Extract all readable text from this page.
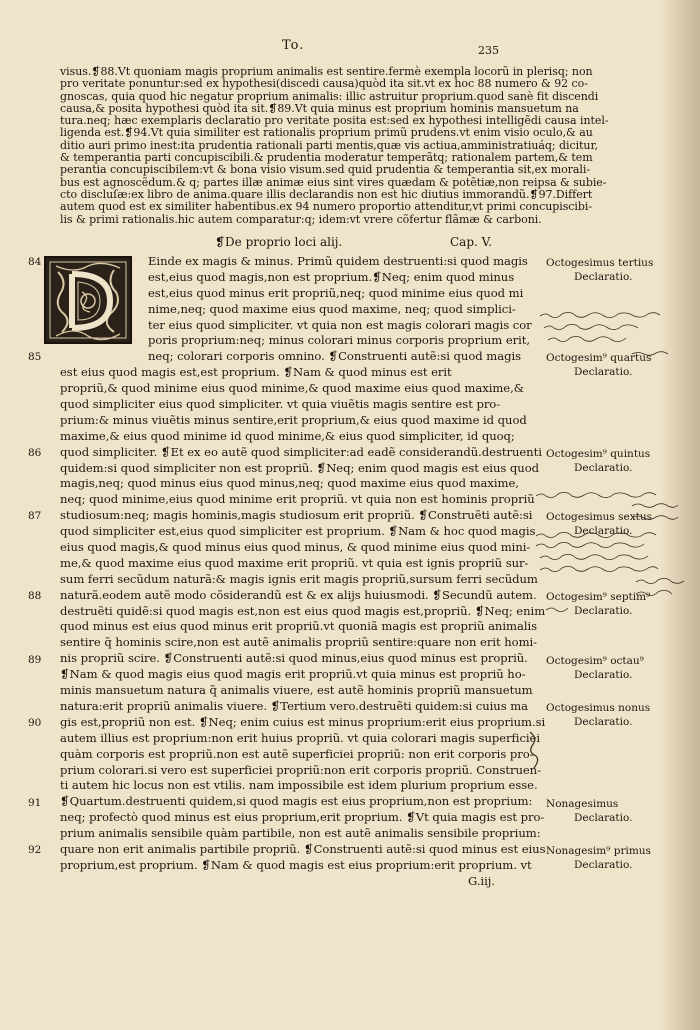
To.	235
visus.❡88.Vt quoniam magis proprium animalis est sentire.fermè exempla locorũ in plerisq; non
pro veritate ponuntur:sed ex hypothesi(discedi causa)quòd ita sit.vt ex hoc 88 numero & 92 co-
gnoscas, quia quod hic negatur proprium animalis: illic astruitur proprium.quod sanè fit discendi
causa,& posita hypothesi quòd ita sit.❡89.Vt quia minus est proprium hominis mansuetum na
tura.neq; hæc exemplaris declaratio pro veritate posita est:sed ex hypothesi intelligẽdi causa intel-
ligenda est.❡94.Vt quia similiter est rationalis proprium primũ prudens.vt enim visio oculo,& au
ditio auri primo inest:ita prudentia rationali parti mentis,quæ vis actiua,amministratiuáq; dicitur,
& temperantia parti concupiscibili.& prudentia moderatur temperãtq; rationalem partem,& tem
perantia concupiscibilem:vt & bona visio visum.sed quid prudentia & temperantia sit,ex morali-
bus est agnoscẽdum.& q; partes illæ animæ eius sint vires quædam & potẽtiæ,non reipsa & subie-
cto discluſæ:ex libro de anima.quare illis declarandis non est hic diutius immorandũ.❡97.Differt
autem quod est ex similiter habentibus.ex 94 numero proportio attenditur,vt primi concupiscibi-
lis & primi rationalis.hic autem comparatur:q; idem:vt vrere cõfertur flãmæ & carboni.
❡De proprio loci alij.	Cap. V.
Einde ex magis & minus. Primũ quidem destruenti:si quod magis
est,eius quod magis,non est proprium.❡Neq; enim quod minus
est,eius quod minus erit propriũ,neq; quod minime eius quod mi
nime,neq; quod maxime eius quod maxime, neq; quod simplici-
ter eius quod simpliciter. vt quia non est magis colorari magis cor
poris proprium:neq; minus colorari minus corporis proprium erit,
neq; colorari corporis omnino. ❡Construenti autẽ:si quod magis
est eius quod magis est,est proprium. ❡Nam & quod minus est erit
propriũ,& quod minime eius quod minime,& quod maxime eius quod maxime,&
quod simpliciter eius quod simpliciter. vt quia viuẽtis magis sentire est pro-
prium:& minus viuẽtis minus sentire,erit proprium,& eius quod maxime id quod
maxime,& eius quod minime id quod minime,& eius quod simpliciter, id quoq;
quod simpliciter. ❡Et ex eo autẽ quod simpliciter:ad eadẽ considerandũ.destruenti
quidem:si quod simpliciter non est propriũ. ❡Neq; enim quod magis est eius quod
magis,neq; quod minus eius quod minus,neq; quod maxime eius quod maxime,
neq; quod minime,eius quod minime erit propriũ. vt quia non est hominis propriũ
studiosum:neq; magis hominis,magis studiosum erit propriũ. ❡Construẽti autẽ:si
quod simpliciter est,eius quod simpliciter est proprium. ❡Nam & hoc quod magis
eius quod magis,& quod minus eius quod minus, & quod minime eius quod mini-
me,& quod maxime eius quod maxime erit propriũ. vt quia est ignis propriũ sur-
sum ferri secũdum naturã:& magis ignis erit magis propriũ,sursum ferri secũdum
naturã.eodem autẽ modo cõsiderandũ est & ex alijs huiusmodi. ❡Secundũ autem.
destruẽti quidẽ:si quod magis est,non est eius quod magis est,propriũ. ❡Neq; enim
quod minus est eius quod minus erit propriũ.vt quoniã magis est propriũ animalis
sentire q̃ hominis scire,non est autẽ animalis propriũ sentire:quare non erit homi-
nis propriũ scire. ❡Construenti autẽ:si quod minus,eius quod minus est propriũ.
❡Nam & quod magis eius quod magis erit propriũ.vt quia minus est propriũ ho-
minis mansuetum natura q̃ animalis viuere, est autẽ hominis propriũ mansuetum
natura:erit propriũ animalis viuere. ❡Tertium vero.destruẽti quidem:si cuius ma
gis est,propriũ non est. ❡Neq; enim cuius est minus proprium:erit eius proprium.si
autem illius est proprium:non erit huius propriũ. vt quia colorari magis superficiei
quàm corporis est propriũ.non est autẽ superficiei propriũ: non erit corporis pro-
prium colorari.si vero est superficiei propriũ:non erit corporis propriũ. Construen-
ti autem hic locus non est vtilis. nam impossibile est idem plurium proprium esse.
❡Quartum.destruenti quidem,si quod magis est eius proprium,non est proprium:
neq; profectò quod minus est eius proprium,erit proprium. ❡Vt quia magis est pro-
prium animalis sensibile quàm partibile, non est autẽ animalis sensibile proprium:
quare non erit animalis partibile propriũ. ❡Construenti autẽ:si quod minus est eius
proprium,est proprium. ❡Nam & quod magis est eius proprium:erit proprium. vt
G.iij.
84
85
86
87
88
89
90
91
92
Octogesimus tertius
Declaratio.
Octogesim⁹ quartus
Declaratio.
Octogesim⁹ quintus
Declaratio.
Octogesimus sextus
Declaratio.
Octogesim⁹ septim⁹
Declaratio.
Octogesim⁹ octau⁹
Declaratio.
Octogesimus nonus
Declaratio.
Nonagesimus
Declaratio.
Nonagesim⁹ primus
Declaratio.
